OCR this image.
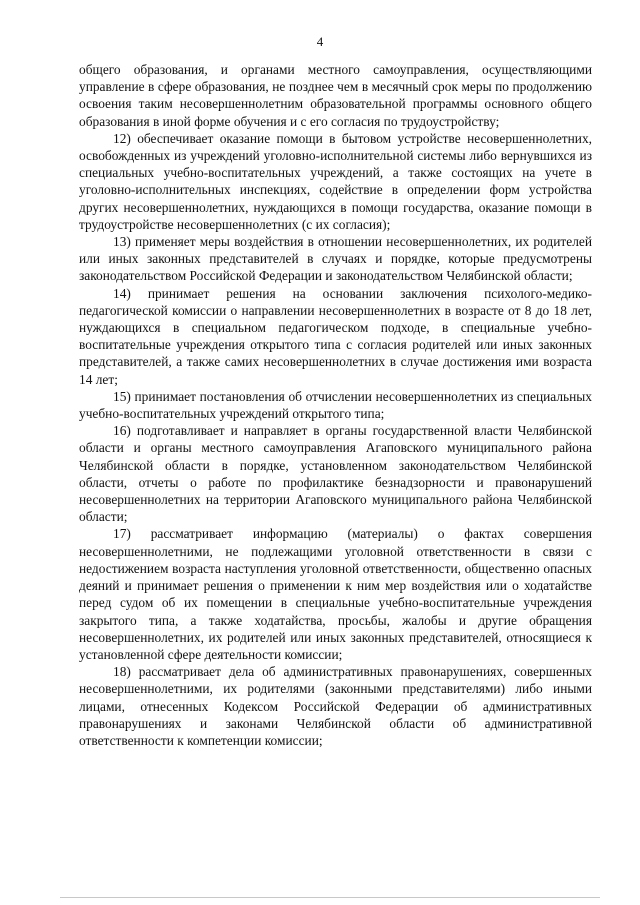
4

общего образования, и органами местного самоуправления, осуществляющими управление в сфере образования, не позднее чем в месячный срок меры по продолжению освоения таким несовершеннолетним образовательной программы основного общего образования в иной форме обучения и с его согласия по трудоустройству;

12) обеспечивает оказание помощи в бытовом устройстве несовершеннолетних, освобожденных из учреждений уголовно-исполнительной системы либо вернувшихся из специальных учебно-воспитательных учреждений, а также состоящих на учете в уголовно-исполнительных инспекциях, содействие в определении форм устройства других несовершеннолетних, нуждающихся в помощи государства, оказание помощи в трудоустройстве несовершеннолетних (с их согласия);

13) применяет меры воздействия в отношении несовершеннолетних, их родителей или иных законных представителей в случаях и порядке, которые предусмотрены законодательством Российской Федерации и законодательством Челябинской области;

14) принимает решения на основании заключения психолого-медико-педагогической комиссии о направлении несовершеннолетних в возрасте от 8 до 18 лет, нуждающихся в специальном педагогическом подходе, в специальные учебно-воспитательные учреждения открытого типа с согласия родителей или иных законных представителей, а также самих несовершеннолетних в случае достижения ими возраста 14 лет;

15) принимает постановления об отчислении несовершеннолетних из специальных учебно-воспитательных учреждений открытого типа;

16) подготавливает и направляет в органы государственной власти Челябинской области и органы местного самоуправления Агаповского муниципального района Челябинской области в порядке, установленном законодательством Челябинской области, отчеты о работе по профилактике безнадзорности и правонарушений несовершеннолетних на территории Агаповского муниципального района Челябинской области;

17) рассматривает информацию (материалы) о фактах совершения несовершеннолетними, не подлежащими уголовной ответственности в связи с недостижением возраста наступления уголовной ответственности, общественно опасных деяний и принимает решения о применении к ним мер воздействия или о ходатайстве перед судом об их помещении в специальные учебно-воспитательные учреждения закрытого типа, а также ходатайства, просьбы, жалобы и другие обращения несовершеннолетних, их родителей или иных законных представителей, относящиеся к установленной сфере деятельности комиссии;

18) рассматривает дела об административных правонарушениях, совершенных несовершеннолетними, их родителями (законными представителями) либо иными лицами, отнесенных Кодексом Российской Федерации об административных правонарушениях и законами Челябинской области об административной ответственности к компетенции комиссии;
